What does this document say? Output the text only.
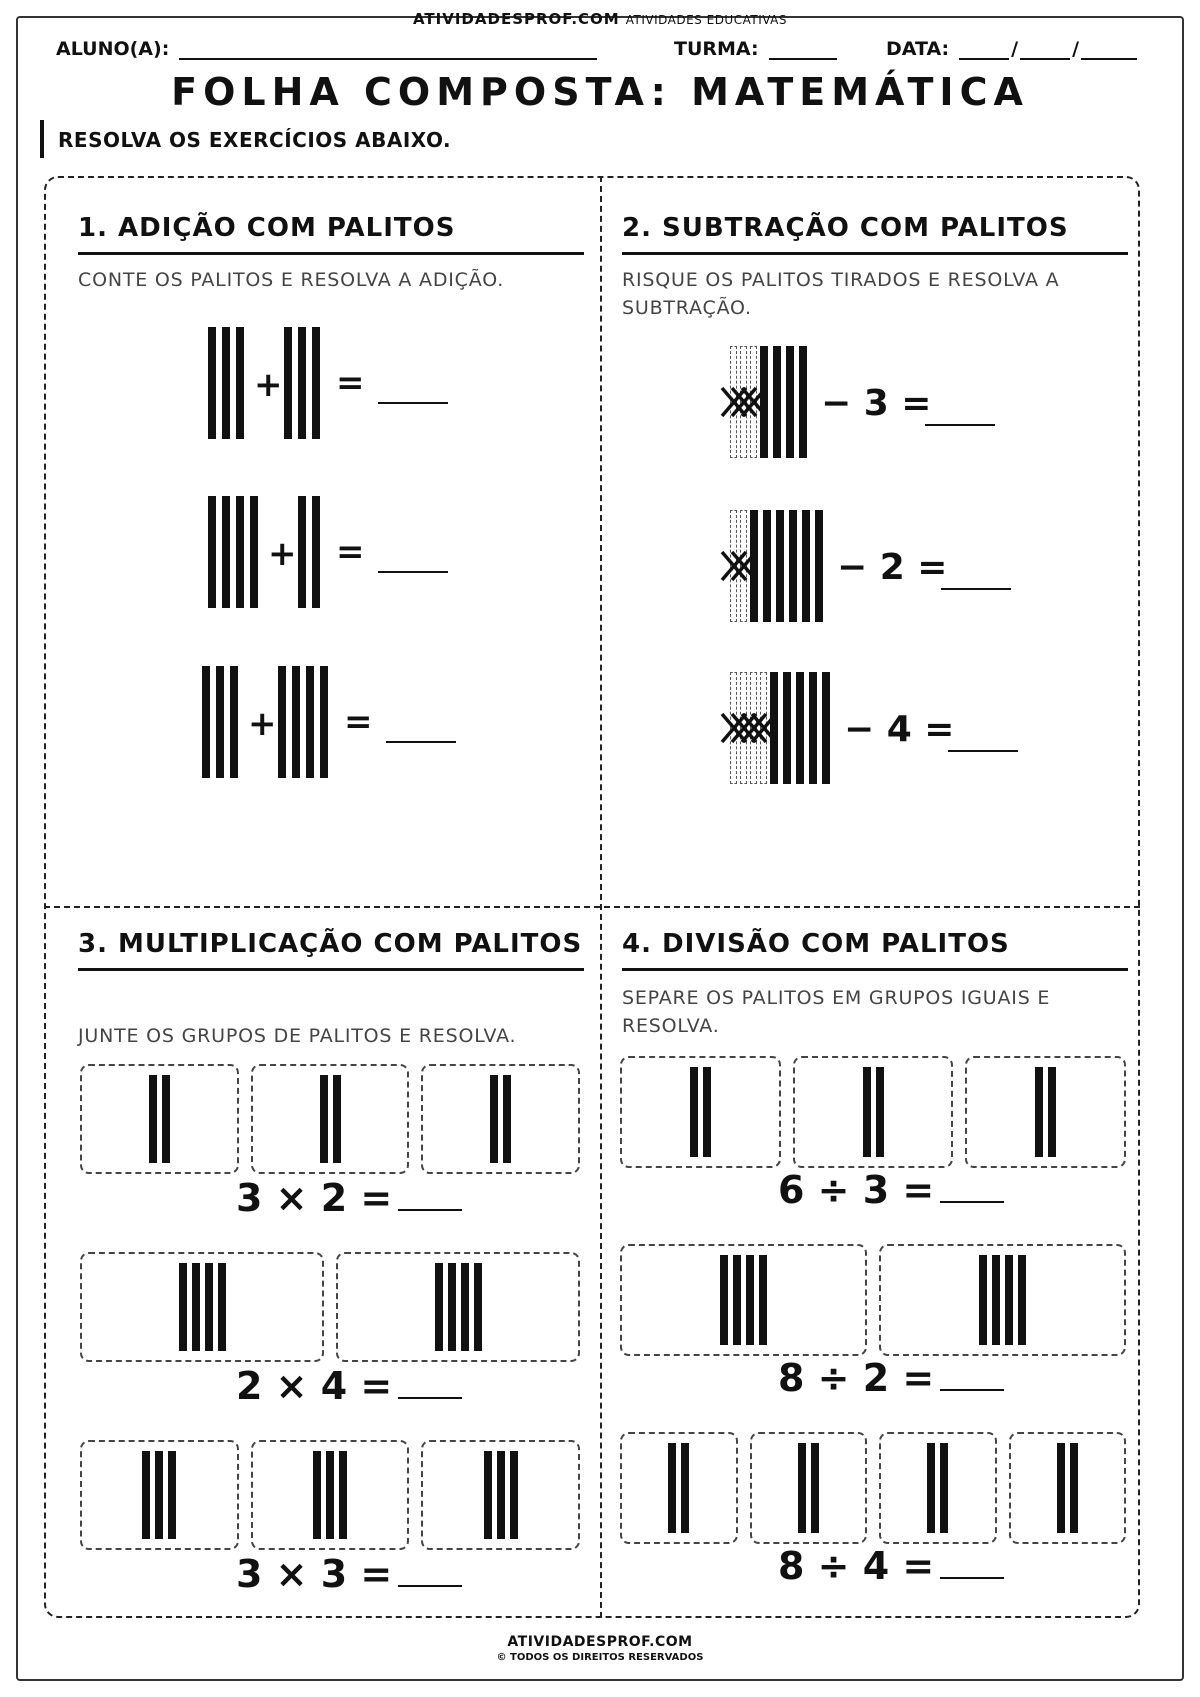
ATIVIDADESPROF.COM ATIVIDADES EDUCATIVAS
ALUNO(A):	TURMA:	DATA:	/	/
FOLHA COMPOSTA: MATEMÁTICA
RESOLVA OS EXERCÍCIOS ABAIXO.
1. ADIÇÃO COM PALITOS
CONTE OS PALITOS E RESOLVA A ADIÇÃO.
2. SUBTRAÇÃO COM PALITOS
RISQUE OS PALITOS TIRADOS E RESOLVA A SUBTRAÇÃO.
3. MULTIPLICAÇÃO COM PALITOS
JUNTE OS GRUPOS DE PALITOS E RESOLVA.
4. DIVISÃO COM PALITOS
SEPARE OS PALITOS EM GRUPOS IGUAIS E RESOLVA.
+ =
+ =
+ =
− 3 =
− 2 =
− 4 =
3 × 2 =
2 × 4 =
3 × 3 =
6 ÷ 3 =
8 ÷ 2 =
8 ÷ 4 =
ATIVIDADESPROF.COM
© TODOS OS DIREITOS RESERVADOS
